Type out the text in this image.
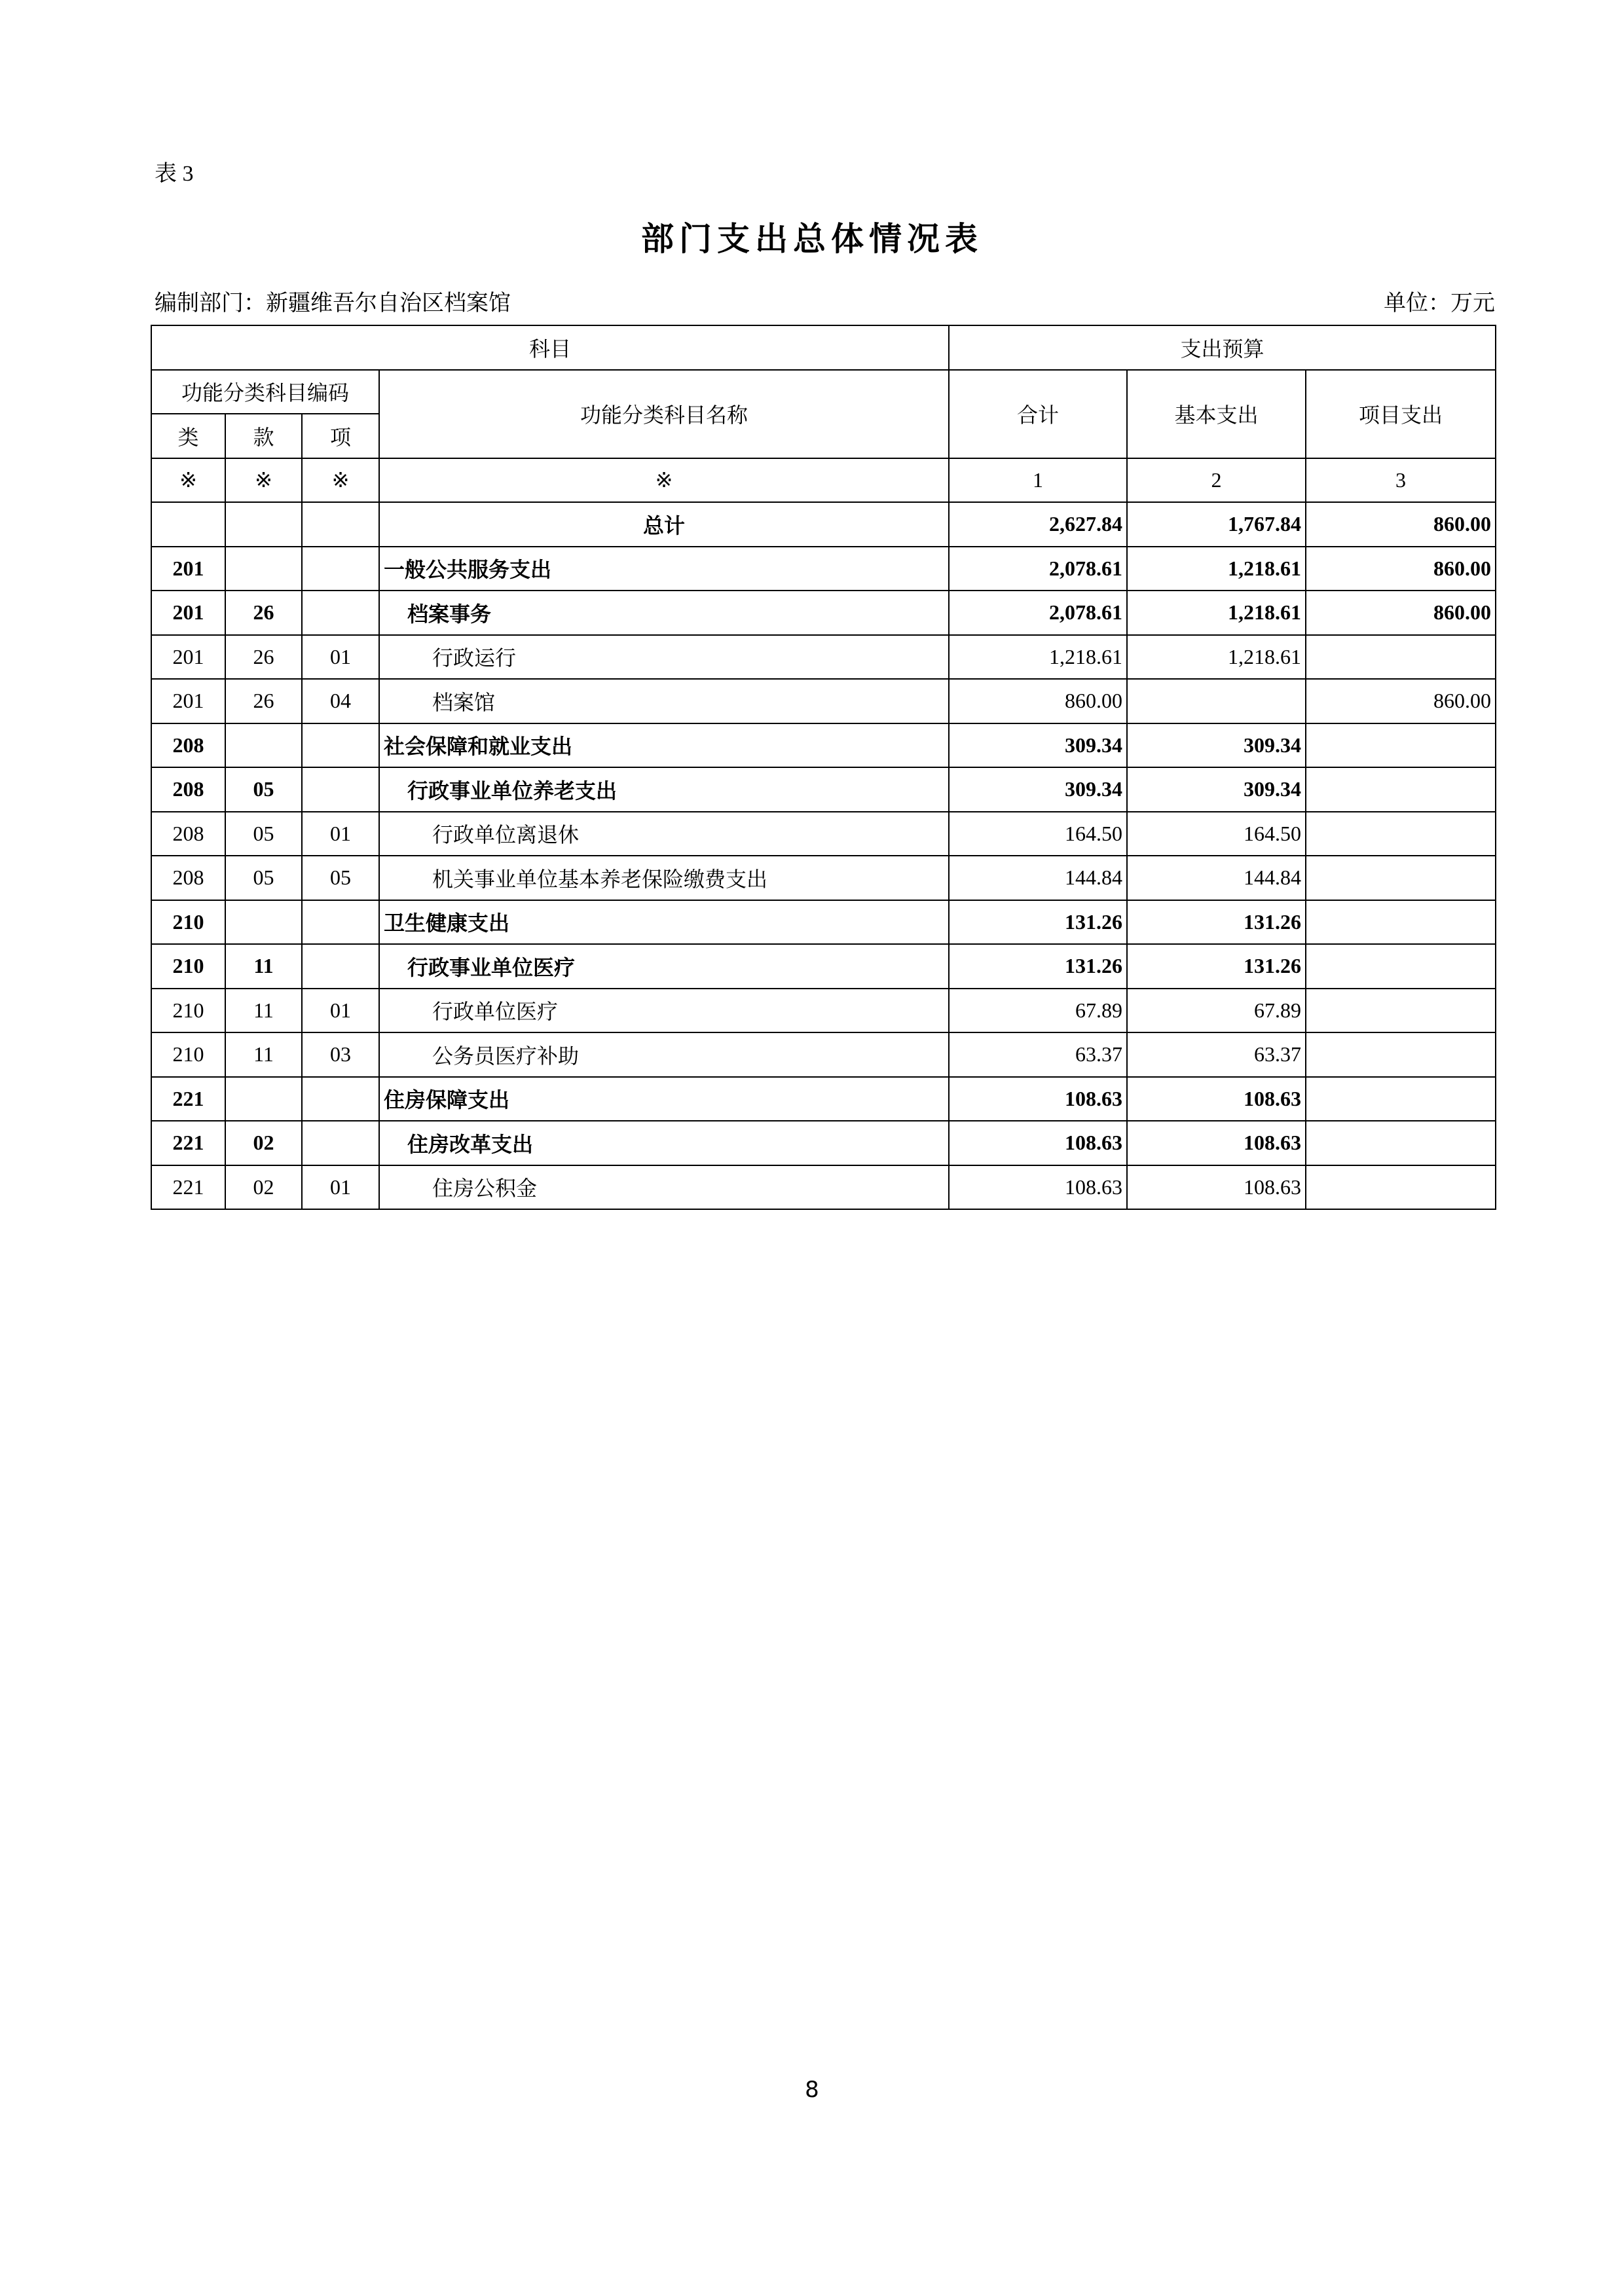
表 3
部门支出总体情况表
编制部门：新疆维吾尔自治区档案馆	单位：万元
科目				支出预算		
功能分类科目编码			功能分类科目名称	合计	基本支出	项目支出
类	款	项				
※	※	※	※	1	2	3
			总计	2,627.84	1,767.84	860.00
201			一般公共服务支出	2,078.61	1,218.61	860.00
201	26		档案事务	2,078.61	1,218.61	860.00
201	26	01	行政运行	1,218.61	1,218.61	
201	26	04	档案馆	860.00		860.00
208			社会保障和就业支出	309.34	309.34	
208	05		行政事业单位养老支出	309.34	309.34	
208	05	01	行政单位离退休	164.50	164.50	
208	05	05	机关事业单位基本养老保险缴费支出	144.84	144.84	
210			卫生健康支出	131.26	131.26	
210	11		行政事业单位医疗	131.26	131.26	
210	11	01	行政单位医疗	67.89	67.89	
210	11	03	公务员医疗补助	63.37	63.37	
221			住房保障支出	108.63	108.63	
221	02		住房改革支出	108.63	108.63	
221	02	01	住房公积金	108.63	108.63	
8
